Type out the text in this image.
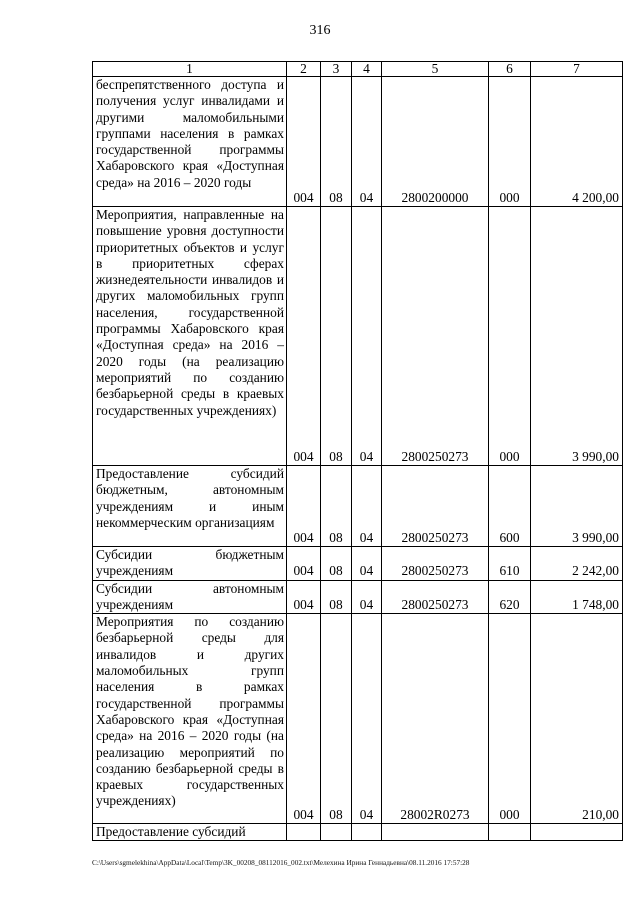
316
1	2	3	4	5	6	7
беспрепятственного доступа и получения услуг инвалидами и другими маломобильными группами населения в рамках государственной программы Хабаровского края «Доступная среда» на 2016 – 2020 годы	004	08	04	2800200000	000	4 200,00
Мероприятия, направленные на повышение уровня доступности приоритетных объектов и услуг в приоритетных сферах жизнедеятельности инвалидов и других маломобильных групп населения, государственной программы Хабаровского края «Доступная среда» на 2016 – 2020 годы (на реализацию мероприятий по созданию безбарьерной среды в краевых государственных учреждениях)	004	08	04	2800250273	000	3 990,00
Предоставление субсидий бюджетным, автономным учреждениям и иным некоммерческим организациям	004	08	04	2800250273	600	3 990,00
Субсидии бюджетным учреждениям	004	08	04	2800250273	610	2 242,00
Субсидии автономным учреждениям	004	08	04	2800250273	620	1 748,00
Мероприятия по созданию безбарьерной среды для инвалидов и других маломобильных групп населения в рамках государственной программы Хабаровского края «Доступная среда» на 2016 – 2020 годы (на реализацию мероприятий по созданию безбарьерной среды в краевых государственных учреждениях)	004	08	04	28002R0273	000	210,00
Предоставление субсидий						
C:\Users\sgmelekhina\AppData\Local\Temp\3K_00208_08112016_002.txt\Мелехина Ирина Геннадьевна\08.11.2016 17:57:28
